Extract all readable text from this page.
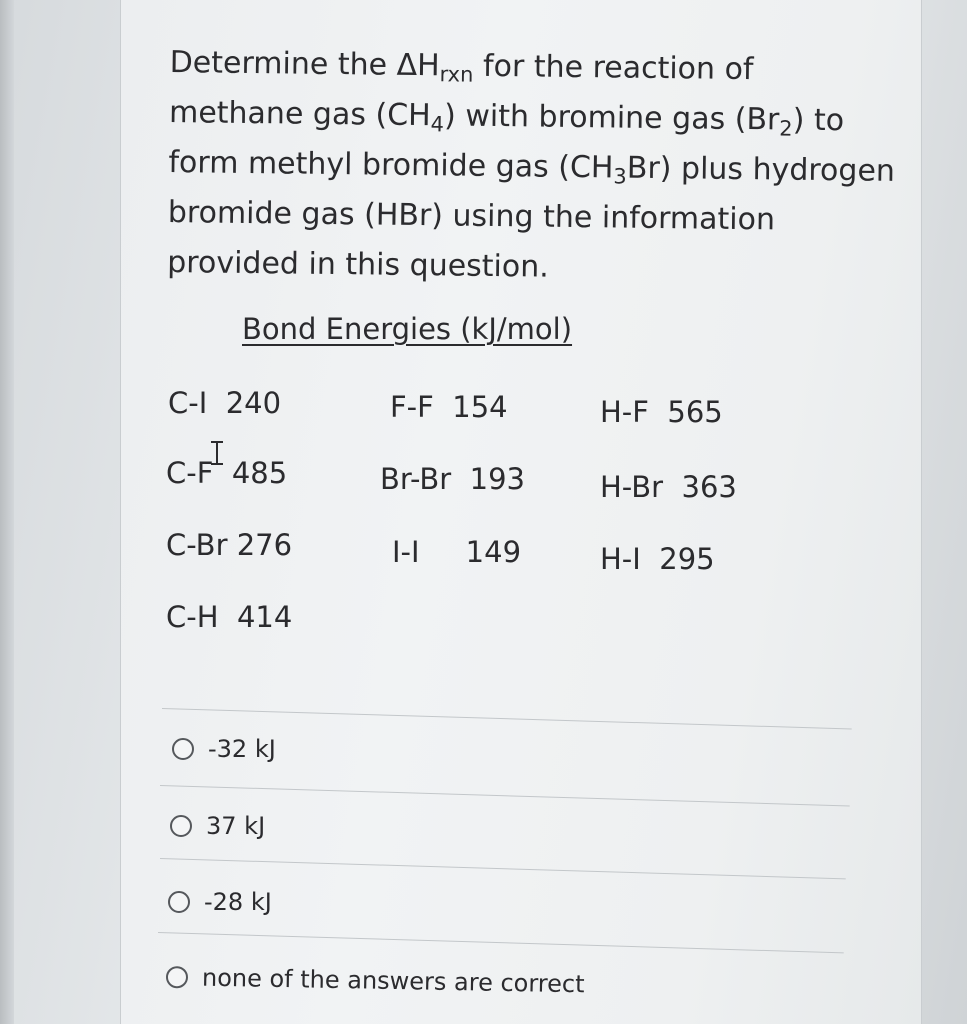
Determine the $\Delta H_{rxn}$ for the reaction of

methane gas $(CH_4)$ with bromine gas $(Br_2)$ to

form methyl bromide gas $(CH_3Br)$ plus hydrogen

bromide gas (HBr) using the information

provided in this question.

Bond Energies (kJ/mol)
C-I 240	F-F 154	H-F 565
C-F 485	Br-Br 193	H-Br 363
C-Br 276	I-I 149	H-I 295
C-H 414
-32 kJ
37 kJ
-28 kJ
none of the answers are correct
